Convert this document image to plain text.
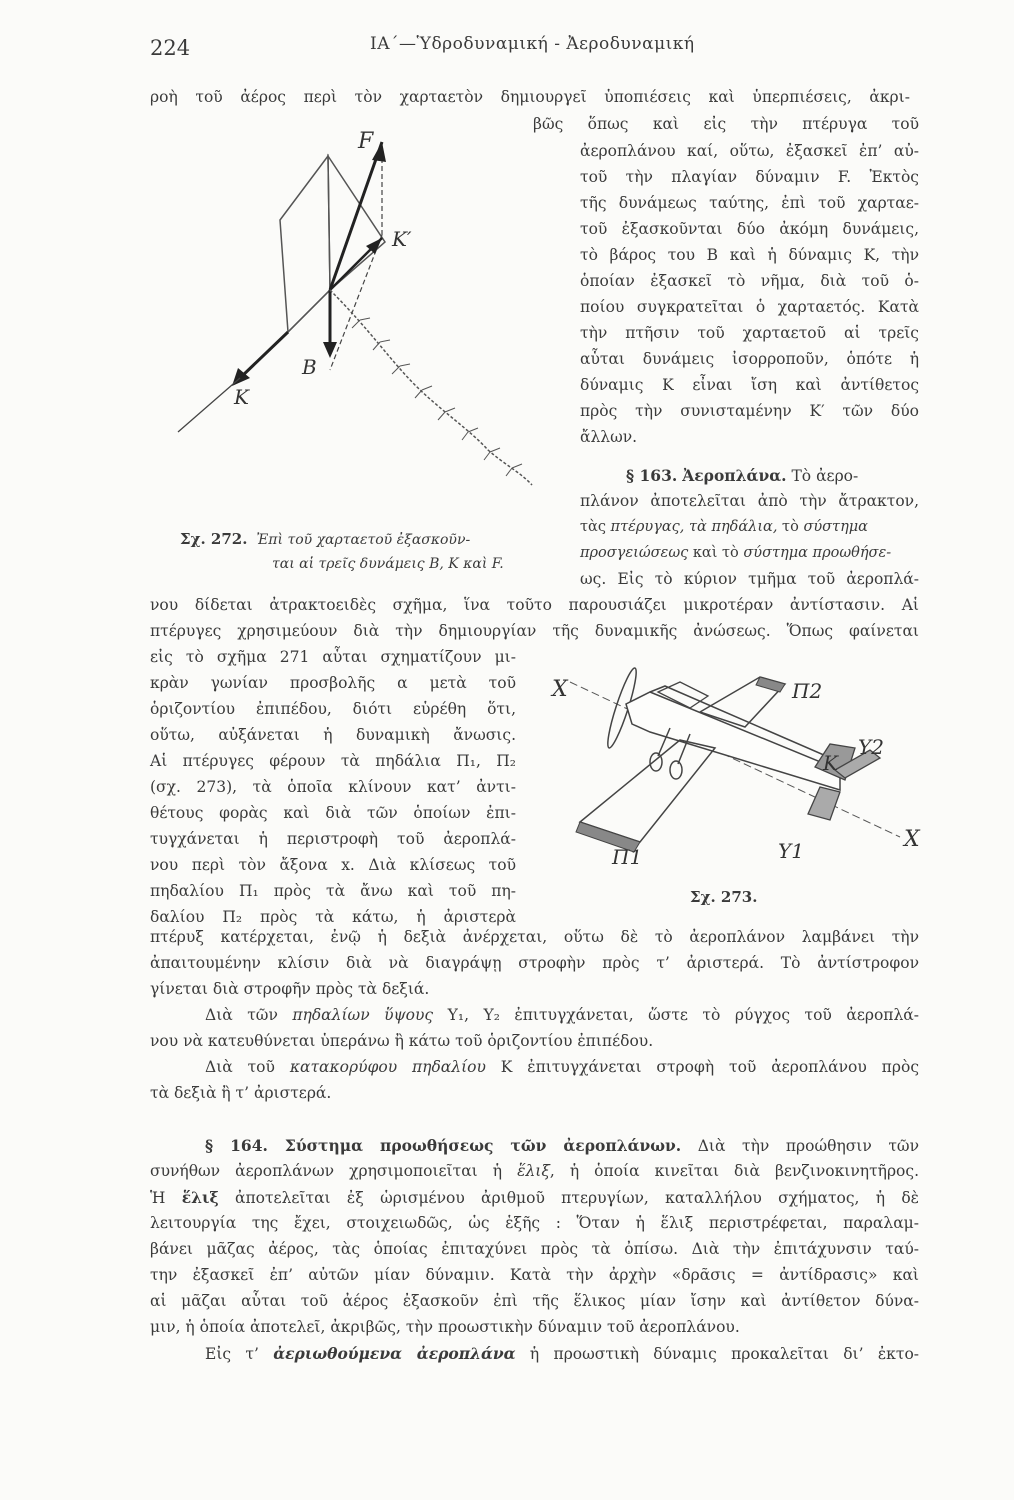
224	ΙΑ΄—Ὑδροδυναμική - Ἀεροδυναμική
F
K′
B
K
ροὴ τοῦ ἀέρος περὶ τὸν χαρταετὸν δημιουργεῖ ὑποπιέσεις καὶ ὑπερπιέσεις, ἀκρι-
βῶς ὅπως καὶ εἰς τὴν πτέρυγα τοῦ
ἀεροπλάνου καί, οὕτω, ἐξασκεῖ ἐπ’ αὐ-
τοῦ τὴν πλαγίαν δύναμιν F. Ἐκτὸς
τῆς δυνάμεως ταύτης, ἐπὶ τοῦ χαρταε-
τοῦ ἐξασκοῦνται δύο ἀκόμη δυνάμεις,
τὸ βάρος του Β καὶ ἡ δύναμις Κ, τὴν
ὁποίαν ἐξασκεῖ τὸ νῆμα, διὰ τοῦ ὁ-
ποίου συγκρατεῖται ὁ χαρταετός. Κατὰ
τὴν πτῆσιν τοῦ χαρταετοῦ αἱ τρεῖς
αὗται δυνάμεις ἰσορροποῦν, ὁπότε ἡ
δύναμις Κ εἶναι ἴση καὶ ἀντίθετος
πρὸς τὴν συνισταμένην Κ′ τῶν δύο
ἄλλων.
§ 163. Ἀεροπλάνα. Τὸ ἀερο-
πλάνον ἀποτελεῖται ἀπὸ τὴν ἄτρακτον,
τὰς πτέρυγας, τὰ πηδάλια, τὸ σύστημα
προσγειώσεως καὶ τὸ σύστημα προωθήσε-
ως. Εἰς τὸ κύριον τμῆμα τοῦ ἀεροπλά-
Σχ. 272. Ἐπὶ τοῦ χαρταετοῦ ἐξασκοῦν-
ται αἱ τρεῖς δυνάμεις Β, Κ καὶ F.
νου δίδεται ἀτρακτοειδὲς σχῆμα, ἵνα τοῦτο παρουσιάζει μικροτέραν ἀντίστασιν. Αἱ
πτέρυγες χρησιμεύουν διὰ τὴν δημιουργίαν τῆς δυναμικῆς ἀνώσεως. Ὅπως φαίνεται
εἰς τὸ σχῆμα 271 αὗται σχηματίζουν μι-
κρὰν γωνίαν προσβολῆς α μετὰ τοῦ
ὁριζοντίου ἐπιπέδου, διότι εὑρέθη ὅτι,
οὕτω, αὐξάνεται ἡ δυναμικὴ ἄνωσις.
Αἱ πτέρυγες φέρουν τὰ πηδάλια Π₁, Π₂
(σχ. 273), τὰ ὁποῖα κλίνουν κατ’ ἀντι-
θέτους φορὰς καὶ διὰ τῶν ὁποίων ἐπι-
τυγχάνεται ἡ περιστροφὴ τοῦ ἀεροπλά-
νου περὶ τὸν ἄξονα x. Διὰ κλίσεως τοῦ
πηδαλίου Π₁ πρὸς τὰ ἄνω καὶ τοῦ πη-
δαλίου Π₂ πρὸς τὰ κάτω, ἡ ἀριστερὰ
X	Π2
Y2
K
X
Π1	Y1
Σχ. 273.
πτέρυξ κατέρχεται, ἐνῷ ἡ δεξιὰ ἀνέρχεται, οὕτω δὲ τὸ ἀεροπλάνον λαμβάνει τὴν
ἀπαιτουμένην κλίσιν διὰ νὰ διαγράψῃ στροφὴν πρὸς τ’ ἀριστερά. Τὸ ἀντίστροφον
γίνεται διὰ στροφῆν πρὸς τὰ δεξιά.
Διὰ τῶν πηδαλίων ὕψους Y₁, Y₂ ἐπιτυγχάνεται, ὥστε τὸ ρύγχος τοῦ ἀεροπλά-
νου νὰ κατευθύνεται ὑπεράνω ἢ κάτω τοῦ ὁριζοντίου ἐπιπέδου.
Διὰ τοῦ κατακορύφου πηδαλίου Κ ἐπιτυγχάνεται στροφὴ τοῦ ἀεροπλάνου πρὸς
τὰ δεξιὰ ἢ τ’ ἀριστερά.
§ 164. Σύστημα προωθήσεως τῶν ἀεροπλάνων. Διὰ τὴν προώθησιν τῶν
συνήθων ἀεροπλάνων χρησιμοποιεῖται ἡ ἕλιξ, ἡ ὁποία κινεῖται διὰ βενζινοκινητῆρος.
Ἡ ἕλιξ ἀποτελεῖται ἐξ ὡρισμένου ἀριθμοῦ πτερυγίων, καταλλήλου σχήματος, ἡ δὲ
λειτουργία της ἔχει, στοιχειωδῶς, ὡς ἑξῆς : Ὅταν ἡ ἕλιξ περιστρέφεται, παραλαμ-
βάνει μᾶζας ἀέρος, τὰς ὁποίας ἐπιταχύνει πρὸς τὰ ὀπίσω. Διὰ τὴν ἐπιτάχυνσιν ταύ-
την ἐξασκεῖ ἐπ’ αὐτῶν μίαν δύναμιν. Κατὰ τὴν ἀρχὴν «δρᾶσις = ἀντίδρασις» καὶ
αἱ μᾶζαι αὗται τοῦ ἀέρος ἐξασκοῦν ἐπὶ τῆς ἕλικος μίαν ἴσην καὶ ἀντίθετον δύνα-
μιν, ἡ ὁποία ἀποτελεῖ, ἀκριβῶς, τὴν προωστικὴν δύναμιν τοῦ ἀεροπλάνου.
Εἰς τ’ ἀεριωθούμενα ἀεροπλάνα ἡ προωστικὴ δύναμις προκαλεῖται δι’ ἐκτο-
